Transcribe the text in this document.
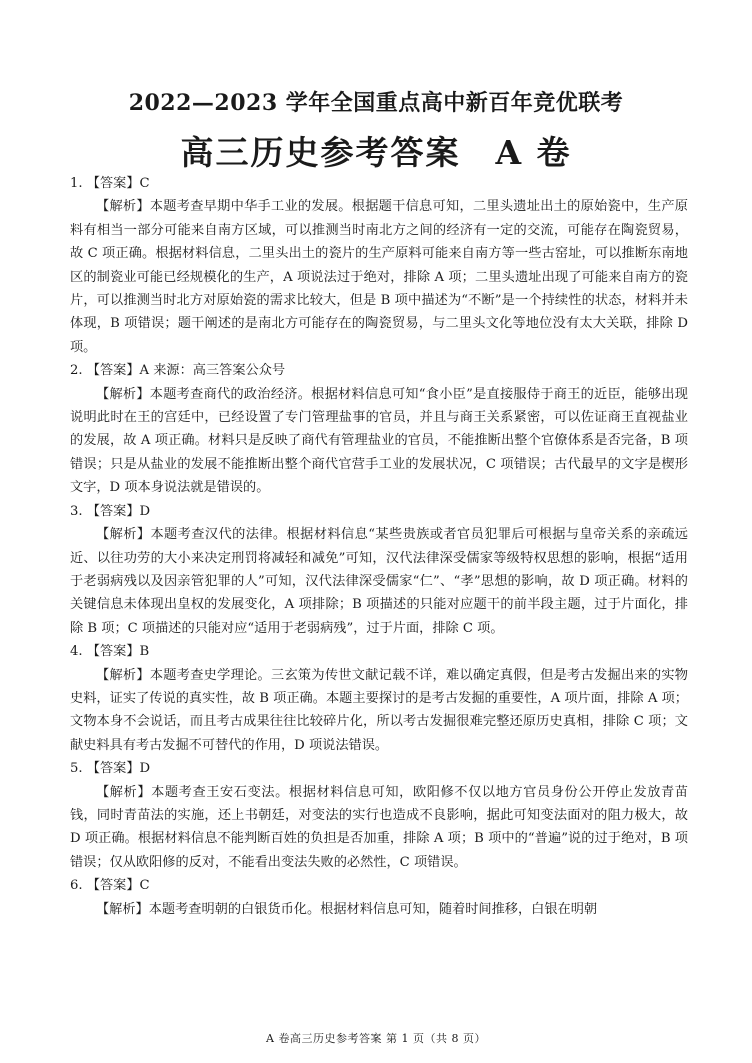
2022—2023 学年全国重点高中新百年竞优联考
高三历史参考答案　A 卷

1. 【答案】C

【解析】本题考查早期中华手工业的发展。根据题干信息可知，二里头遗址出土的原始瓷中，生产原料有相当一部分可能来自南方区域，可以推测当时南北方之间的经济有一定的交流，可能存在陶瓷贸易，故 C 项正确。根据材料信息，二里头出土的瓷片的生产原料可能来自南方等一些古窑址，可以推断东南地区的制瓷业可能已经规模化的生产，A 项说法过于绝对，排除 A 项；二里头遗址出现了可能来自南方的瓷片，可以推测当时北方对原始瓷的需求比较大，但是 B 项中描述为“不断”是一个持续性的状态，材料并未体现，B 项错误；题干阐述的是南北方可能存在的陶瓷贸易，与二里头文化等地位没有太大关联，排除 D 项。

2. 【答案】A 来源：高三答案公众号

【解析】本题考查商代的政治经济。根据材料信息可知“食小臣”是直接服侍于商王的近臣，能够出现说明此时在王的宫廷中，已经设置了专门管理盐事的官员，并且与商王关系紧密，可以佐证商王直视盐业的发展，故 A 项正确。材料只是反映了商代有管理盐业的官员，不能推断出整个官僚体系是否完备，B 项错误；只是从盐业的发展不能推断出整个商代官营手工业的发展状况，C 项错误；古代最早的文字是楔形文字，D 项本身说法就是错误的。

3. 【答案】D

【解析】本题考查汉代的法律。根据材料信息“某些贵族或者官员犯罪后可根据与皇帝关系的亲疏远近、以往功劳的大小来决定刑罚将减轻和减免”可知，汉代法律深受儒家等级特权思想的影响，根据“适用于老弱病残以及因亲管犯罪的人”可知，汉代法律深受儒家“仁”、“孝”思想的影响，故 D 项正确。材料的关键信息未体现出皇权的发展变化，A 项排除；B 项描述的只能对应题干的前半段主题，过于片面化，排除 B 项；C 项描述的只能对应“适用于老弱病残”，过于片面，排除 C 项。

4. 【答案】B

【解析】本题考查史学理论。三玄策为传世文献记载不详，难以确定真假，但是考古发掘出来的实物史料，证实了传说的真实性，故 B 项正确。本题主要探讨的是考古发掘的重要性，A 项片面，排除 A 项；文物本身不会说话，而且考古成果往往比较碎片化，所以考古发掘很难完整还原历史真相，排除 C 项；文献史料具有考古发掘不可替代的作用，D 项说法错误。

5. 【答案】D

【解析】本题考查王安石变法。根据材料信息可知，欧阳修不仅以地方官员身份公开停止发放青苗钱，同时青苗法的实施，还上书朝廷，对变法的实行也造成不良影响，据此可知变法面对的阻力极大，故 D 项正确。根据材料信息不能判断百姓的负担是否加重，排除 A 项；B 项中的“普遍”说的过于绝对，B 项错误；仅从欧阳修的反对，不能看出变法失败的必然性，C 项错误。

6. 【答案】C

【解析】本题考查明朝的白银货币化。根据材料信息可知，随着时间推移，白银在明朝

A 卷高三历史参考答案 第 1 页（共 8 页）
